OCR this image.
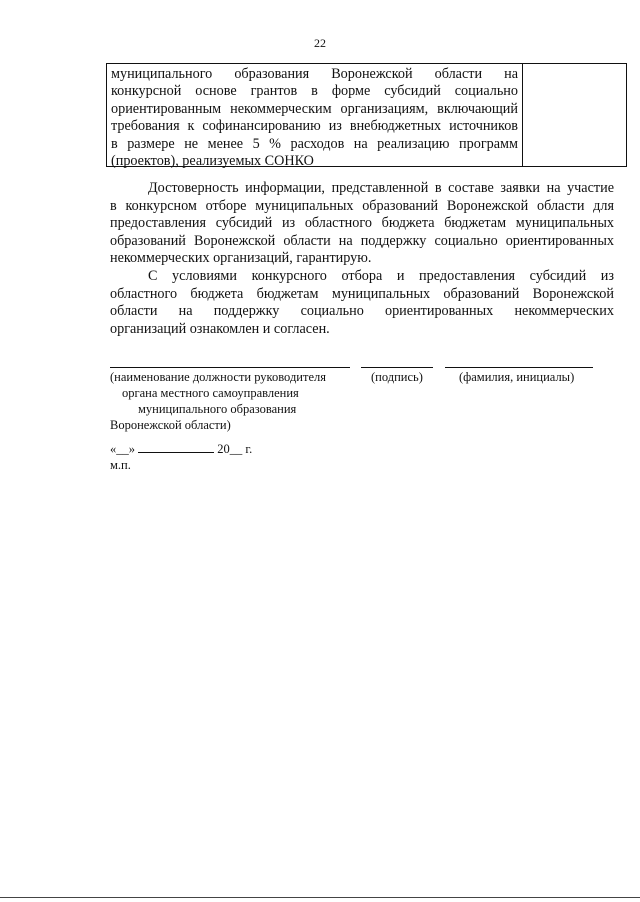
22
муниципального образования Воронежской области на
конкурсной основе грантов в форме субсидий социально
ориентированным некоммерческим организациям, включающий
требования к софинансированию из внебюджетных источников
в размере не менее 5 % расходов на реализацию программ
(проектов), реализуемых СОНКО
Достоверность информации, представленной в составе заявки на участие
в конкурсном отборе муниципальных образований Воронежской области для
предоставления субсидий из областного бюджета бюджетам муниципальных
образований Воронежской области на поддержку социально ориентированных
некоммерческих организаций, гарантирую.
С условиями конкурсного отбора и предоставления субсидий из
областного бюджета бюджетам муниципальных образований Воронежской
области на поддержку социально ориентированных некоммерческих
организаций ознакомлен и согласен.
(наименование должности руководителя
органа местного самоуправления
муниципального образования
Воронежской области)
(подпись)	(фамилия, инициалы)
«__»	20__ г.
м.п.
